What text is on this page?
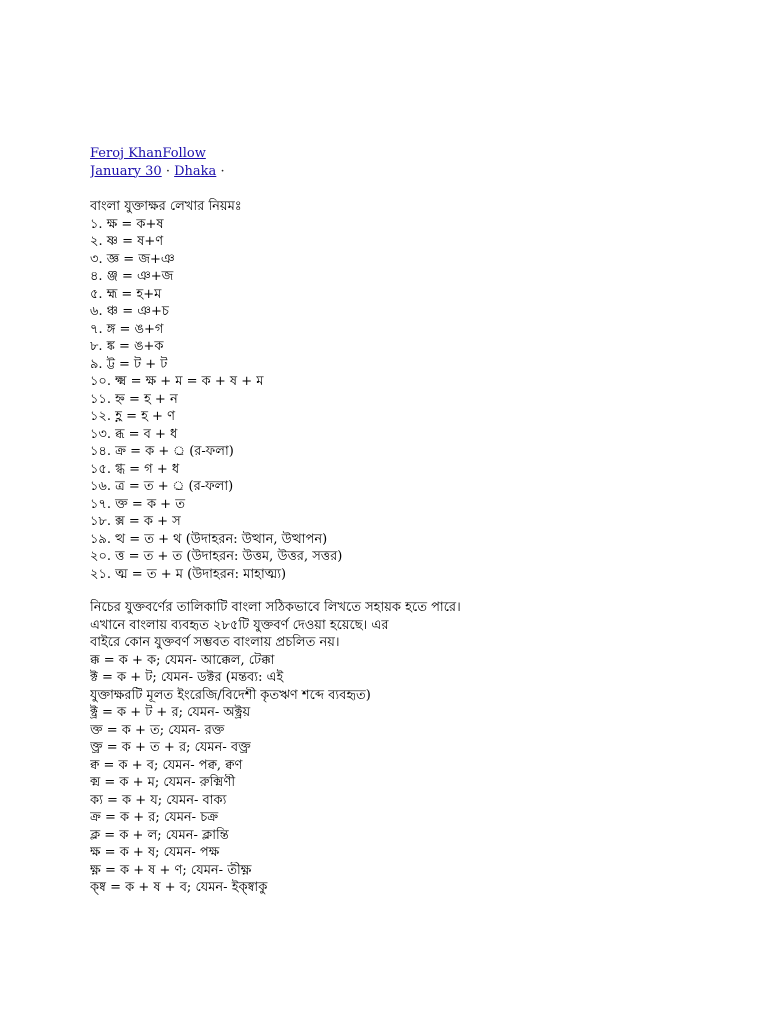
Feroj KhanFollow
January 30 · Dhaka ·
বাংলা যুক্তাক্ষর লেখার নিয়মঃ
১. ক্ষ = ক+ষ
২. ষ্ণ = ষ+ণ
৩. জ্ঞ = জ+ঞ
৪. ঞ্জ = ঞ+জ
৫. হ্ম = হ+ম
৬. ঞ্চ = ঞ+চ
৭. ঙ্গ = ঙ+গ
৮. ঙ্ক = ঙ+ক
৯. ট্ট = ট + ট
১০. ক্ষ্ম = ক্ষ + ম = ক + ষ + ম
১১. হ্ন = হ + ন
১২. হ্ণ = হ + ণ
১৩. ব্ধ = ব + ধ
১৪. ক্র = ক + ্র (র-ফলা)
১৫. গ্ধ = গ + ধ
১৬. ত্র = ত + ্র (র-ফলা)
১৭. ক্ত = ক + ত
১৮. ক্স = ক + স
১৯. ত্থ = ত + থ (উদাহরন: উত্থান, উত্থাপন)
২০. ত্ত = ত + ত (উদাহরন: উত্তম, উত্তর, সত্তর)
২১. ত্ম = ত + ম (উদাহরন: মাহাত্ম্য)
নিচের যুক্তবর্ণের তালিকাটি বাংলা সঠিকভাবে লিখতে সহায়ক হতে পারে।
এখানে বাংলায় ব্যবহৃত ২৮৫টি যুক্তবর্ণ দেওয়া হয়েছে। এর
বাইরে কোন যুক্তবর্ণ সম্ভবত বাংলায় প্রচলিত নয়।
ক্ক = ক + ক; যেমন- আক্কেল, টেক্কা
ক্ট = ক + ট; যেমন- ডক্টর (মন্তব্য: এই
যুক্তাক্ষরটি মূলত ইংরেজি/বিদেশী কৃতঋণ শব্দে ব্যবহৃত)
ক্ট্র = ক + ট + র; যেমন- অক্ট্রয়
ক্ত = ক + ত; যেমন- রক্ত
ক্ত্র = ক + ত + র; যেমন- বক্ত্র
ক্ব = ক + ব; যেমন- পক্ব, ক্বণ
ক্ম = ক + ম; যেমন- রুক্মিণী
ক্য = ক + য; যেমন- বাক্য
ক্র = ক + র; যেমন- চক্র
ক্ল = ক + ল; যেমন- ক্লান্তি
ক্ষ = ক + ষ; যেমন- পক্ষ
ক্ষ্ণ = ক + ষ + ণ; যেমন- তীক্ষ্ণ
ক্ষ্ব = ক + ষ + ব; যেমন- ইক্ষ্বাকু
